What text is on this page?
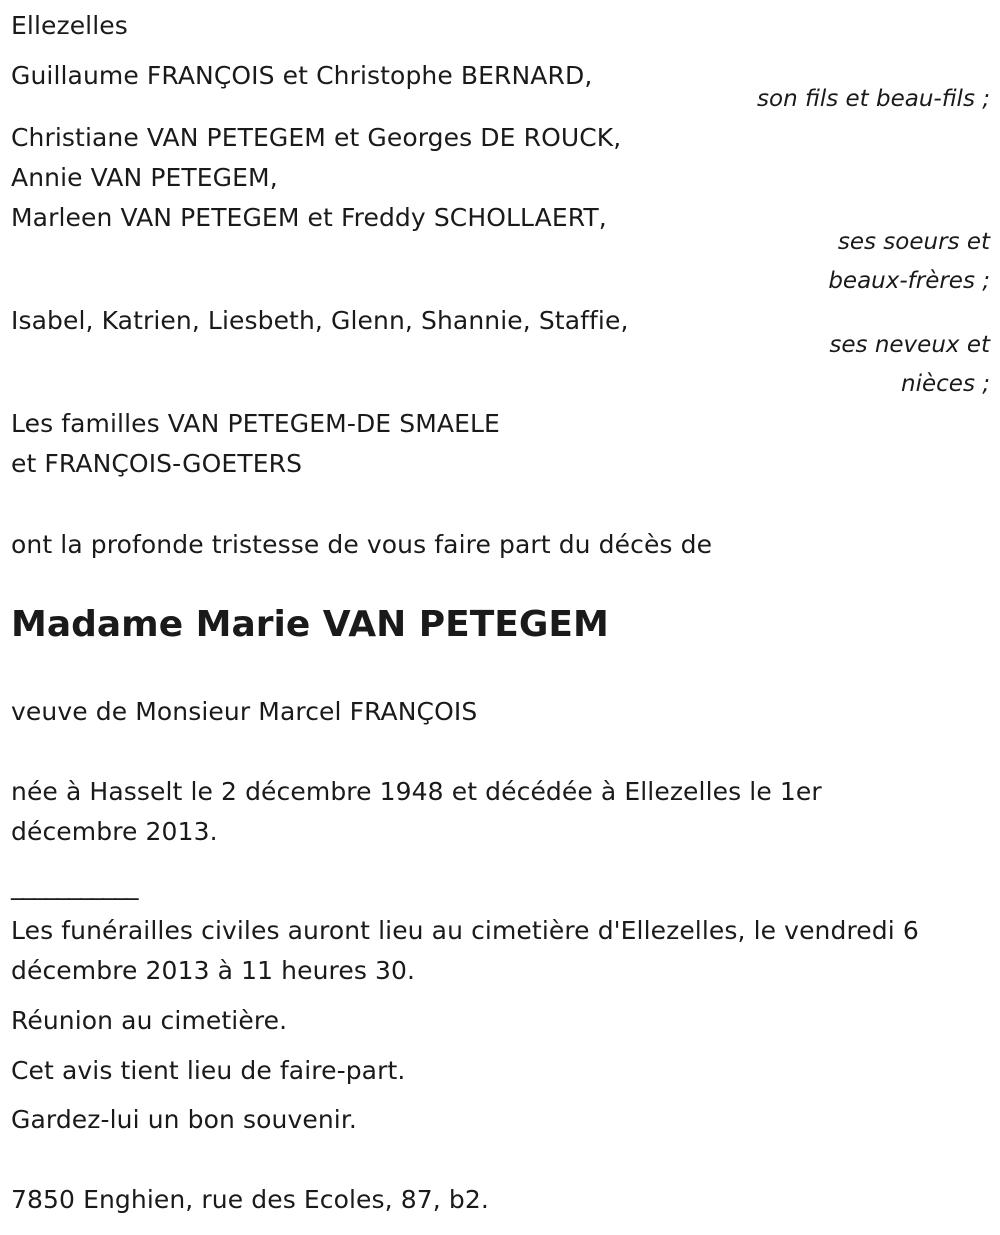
Ellezelles
Guillaume FRANÇOIS et Christophe BERNARD,
son fils et beau-fils ;
Christiane VAN PETEGEM et Georges DE ROUCK,
Annie VAN PETEGEM,
Marleen VAN PETEGEM et Freddy SCHOLLAERT,
ses soeurs et
beaux-frères ;
Isabel, Katrien, Liesbeth, Glenn, Shannie, Staffie,
ses neveux et
nièces ;
Les familles VAN PETEGEM-DE SMAELE
et FRANÇOIS-GOETERS
ont la profonde tristesse de vous faire part du décès de
Madame Marie VAN PETEGEM
veuve de Monsieur Marcel FRANÇOIS
née à Hasselt le 2 décembre 1948 et décédée à Ellezelles le 1er
décembre 2013.
___________
Les funérailles civiles auront lieu au cimetière d'Ellezelles, le vendredi 6
décembre 2013 à 11 heures 30.
Réunion au cimetière.
Cet avis tient lieu de faire-part.
Gardez-lui un bon souvenir.
7850 Enghien, rue des Ecoles, 87, b2.
